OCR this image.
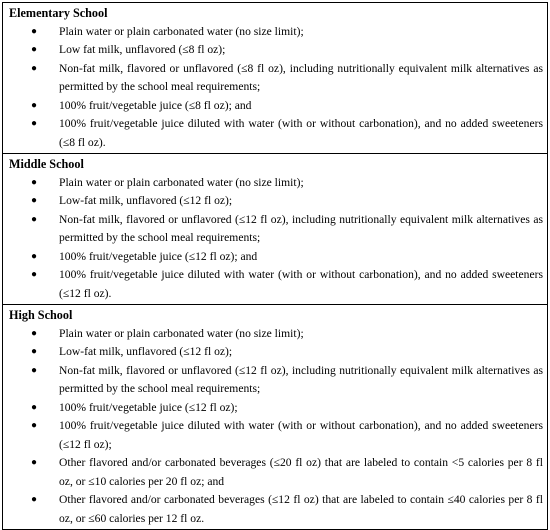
Elementary School

● Plain water or plain carbonated water (no size limit);
● Low fat milk, unflavored (≤8 fl oz);
● Non-fat milk, flavored or unflavored (≤8 fl oz), including nutritionally equivalent milk alternatives as permitted by the school meal requirements;
● 100% fruit/vegetable juice (≤8 fl oz); and
● 100% fruit/vegetable juice diluted with water (with or without carbonation), and no added sweeteners (≤8 fl oz).

Middle School

● Plain water or plain carbonated water (no size limit);
● Low-fat milk, unflavored (≤12 fl oz);
● Non-fat milk, flavored or unflavored (≤12 fl oz), including nutritionally equivalent milk alternatives as permitted by the school meal requirements;
● 100% fruit/vegetable juice (≤12 fl oz); and
● 100% fruit/vegetable juice diluted with water (with or without carbonation), and no added sweeteners (≤12 fl oz).

High School

● Plain water or plain carbonated water (no size limit);
● Low-fat milk, unflavored (≤12 fl oz);
● Non-fat milk, flavored or unflavored (≤12 fl oz), including nutritionally equivalent milk alternatives as permitted by the school meal requirements;
● 100% fruit/vegetable juice (≤12 fl oz);
● 100% fruit/vegetable juice diluted with water (with or without carbonation), and no added sweeteners (≤12 fl oz);
● Other flavored and/or carbonated beverages (≤20 fl oz) that are labeled to contain <5 calories per 8 fl oz, or ≤10 calories per 20 fl oz; and
● Other flavored and/or carbonated beverages (≤12 fl oz) that are labeled to contain ≤40 calories per 8 fl oz, or ≤60 calories per 12 fl oz.
